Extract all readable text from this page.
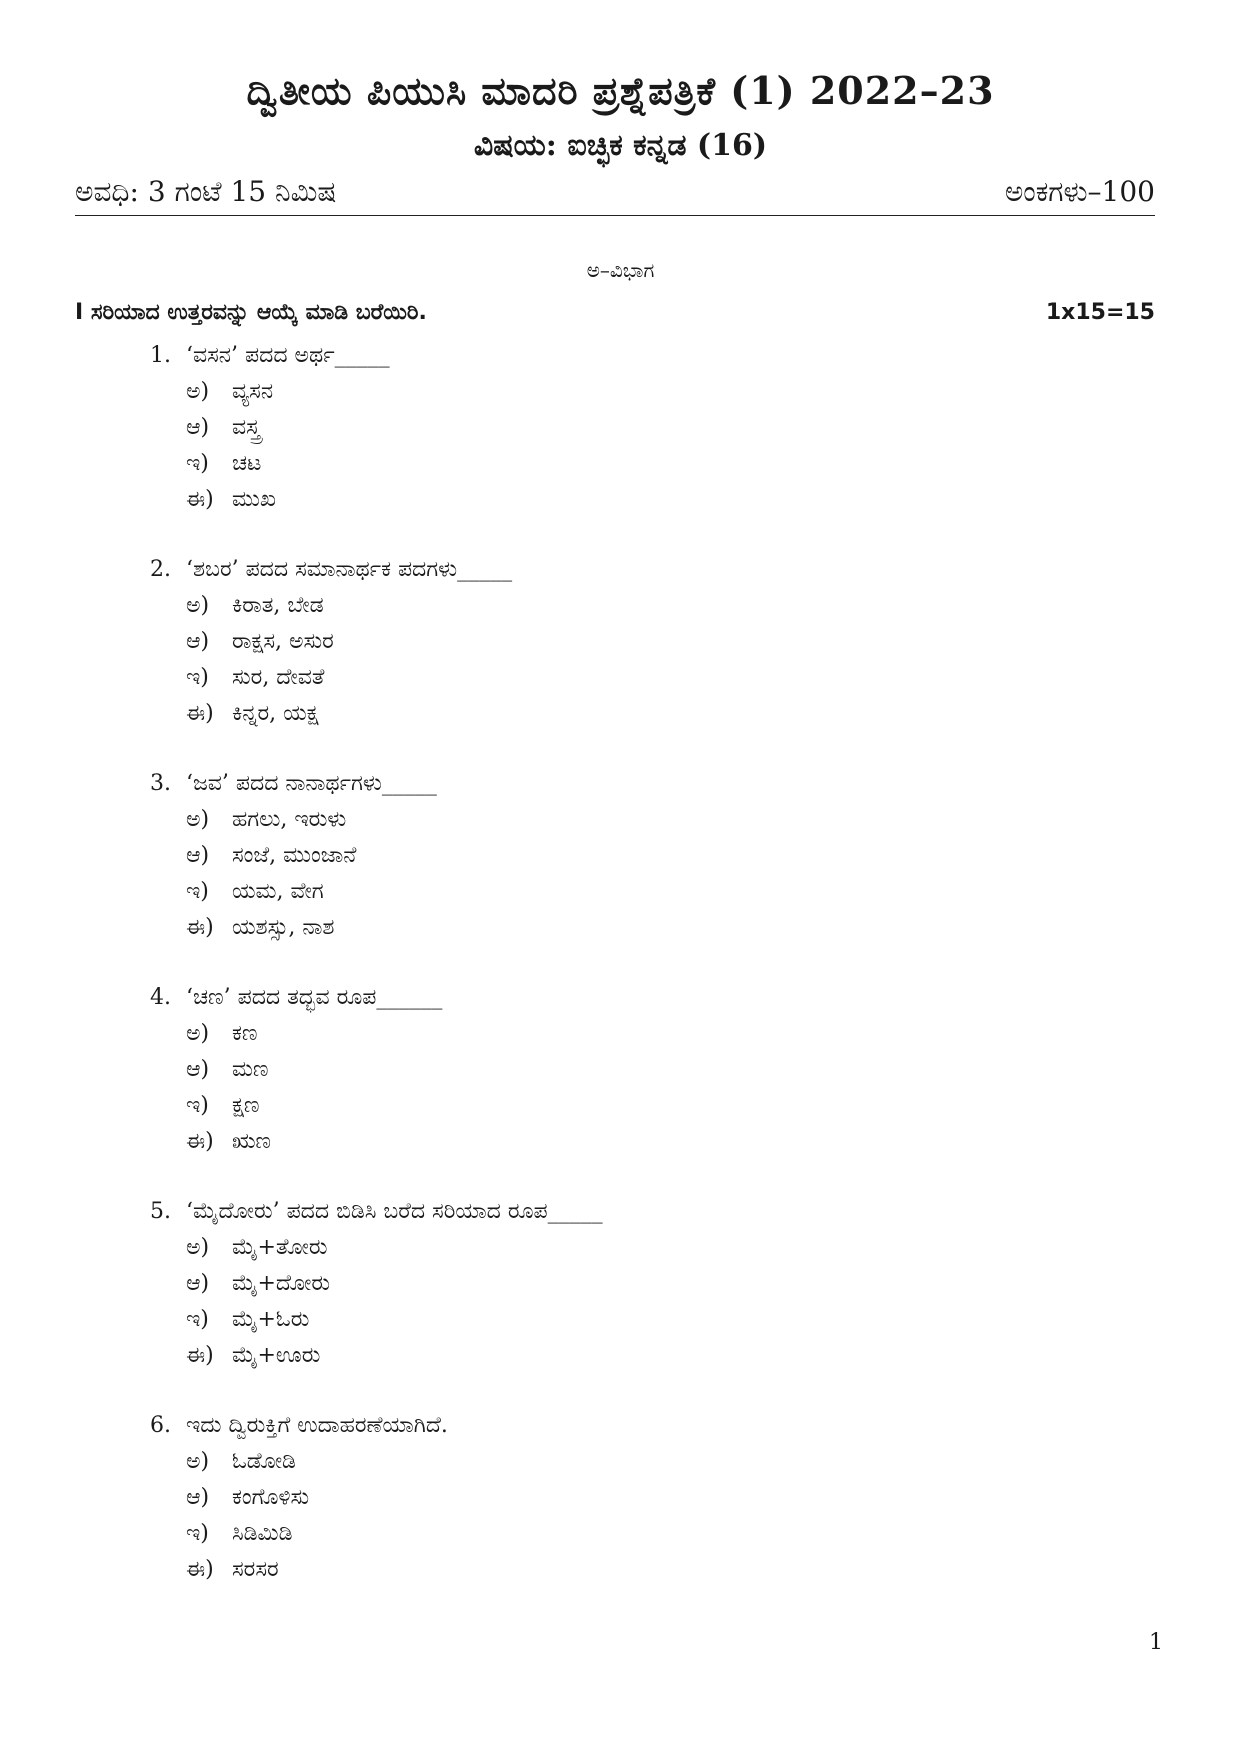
ದ್ವಿತೀಯ ಪಿಯುಸಿ ಮಾದರಿ ಪ್ರಶ್ನೆಪತ್ರಿಕೆ (1) 2022–23
ವಿಷಯ: ಐಚ್ಛಿಕ ಕನ್ನಡ (16)
ಅವಧಿ: 3 ಗಂಟೆ 15 ನಿಮಿಷ	ಅಂಕಗಳು–100
ಅ–ವಿಭಾಗ
I ಸರಿಯಾದ ಉತ್ತರವನ್ನು ಆಯ್ಕೆ ಮಾಡಿ ಬರೆಯಿರಿ.	1x15=15
1. ‘ವಸನ’ ಪದದ ಅರ್ಥ_____
ಅ) ವ್ಯಸನ
ಆ) ವಸ್ತ್ರ
ಇ) ಚಟ
ಈ) ಮುಖ
2. ‘ಶಬರ’ ಪದದ ಸಮಾನಾರ್ಥಕ ಪದಗಳು_____
ಅ) ಕಿರಾತ, ಬೇಡ
ಆ) ರಾಕ್ಷಸ, ಅಸುರ
ಇ) ಸುರ, ದೇವತೆ
ಈ) ಕಿನ್ನರ, ಯಕ್ಷ
3. ‘ಜವ’ ಪದದ ನಾನಾರ್ಥಗಳು_____
ಅ) ಹಗಲು, ಇರುಳು
ಆ) ಸಂಜೆ, ಮುಂಜಾನೆ
ಇ) ಯಮ, ವೇಗ
ಈ) ಯಶಸ್ಸು, ನಾಶ
4. ‘ಚಣ’ ಪದದ ತದ್ಭವ ರೂಪ______
ಅ) ಕಣ
ಆ) ಮಣ
ಇ) ಕ್ಷಣ
ಈ) ಋಣ
5. ‘ಮೈದೋರು’ ಪದದ ಬಿಡಿಸಿ ಬರೆದ ಸರಿಯಾದ ರೂಪ_____
ಅ) ಮೈ+ತೋರು
ಆ) ಮೈ+ದೋರು
ಇ) ಮೈ+ಓರು
ಈ) ಮೈ+ಊರು
6. ಇದು ದ್ವಿರುಕ್ತಿಗೆ ಉದಾಹರಣೆಯಾಗಿದೆ.
ಅ) ಓಡೋಡಿ
ಆ) ಕಂಗೊಳಿಸು
ಇ) ಸಿಡಿಮಿಡಿ
ಈ) ಸರಸರ
1
